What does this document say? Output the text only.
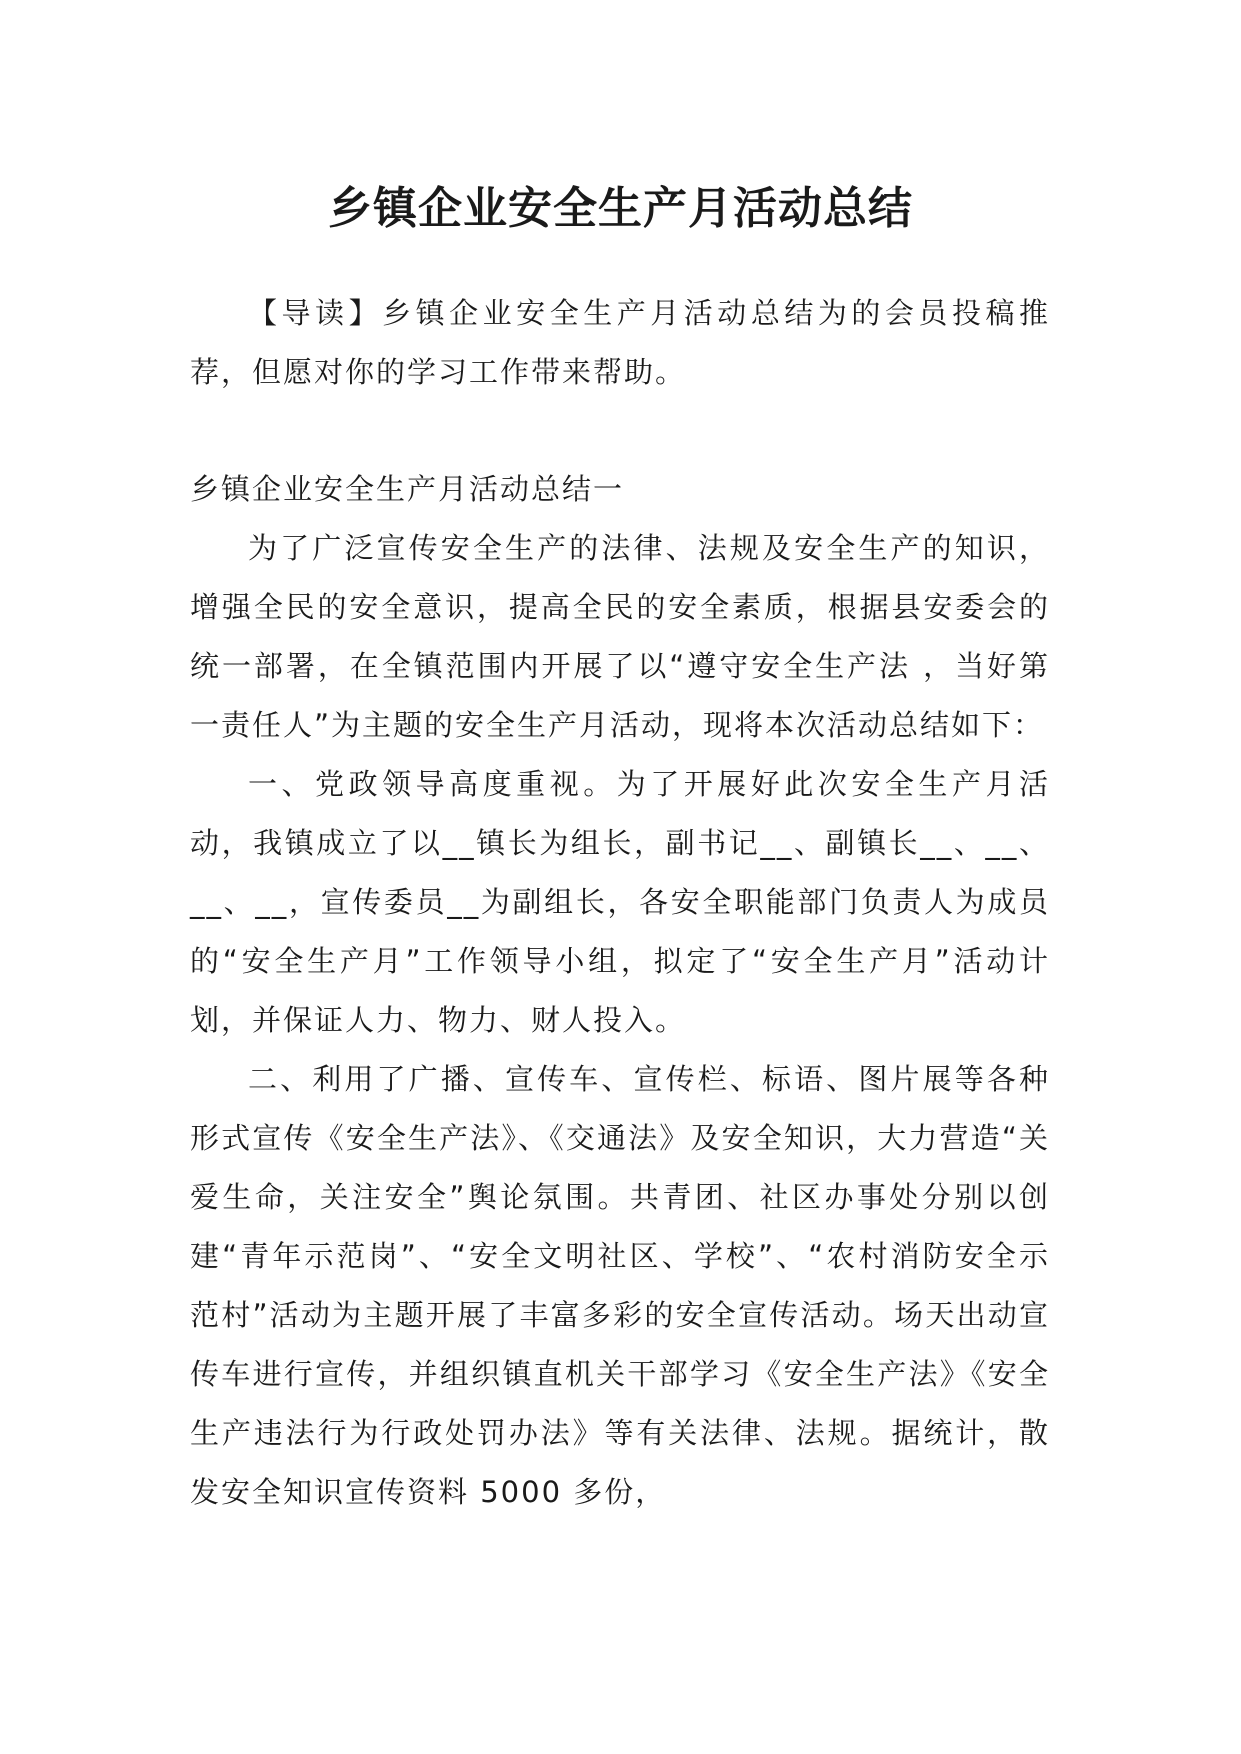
乡镇企业安全生产月活动总结

【导读】乡镇企业安全生产月活动总结为的会员投稿推荐，但愿对你的学习工作带来帮助。

乡镇企业安全生产月活动总结一

为了广泛宣传安全生产的法律、法规及安全生产的知识，增强全民的安全意识，提高全民的安全素质，根据县安委会的统一部署，在全镇范围内开展了以“遵守安全生产法 ，当好第一责任人”为主题的安全生产月活动，现将本次活动总结如下：

一、党政领导高度重视。为了开展好此次安全生产月活动，我镇成立了以__镇长为组长，副书记__、副镇长__、__、__、__，宣传委员__为副组长，各安全职能部门负责人为成员的“安全生产月”工作领导小组，拟定了“安全生产月”活动计划，并保证人力、物力、财人投入。

二、利用了广播、宣传车、宣传栏、标语、图片展等各种形式宣传《安全生产法》、《交通法》及安全知识，大力营造“关爱生命，关注安全”舆论氛围。共青团、社区办事处分别以创建“青年示范岗”、“安全文明社区、学校”、“农村消防安全示范村”活动为主题开展了丰富多彩的安全宣传活动。场天出动宣传车进行宣传，并组织镇直机关干部学习《安全生产法》《安全生产违法行为行政处罚办法》等有关法律、法规。据统计，散发安全知识宣传资料 5000 多份，
